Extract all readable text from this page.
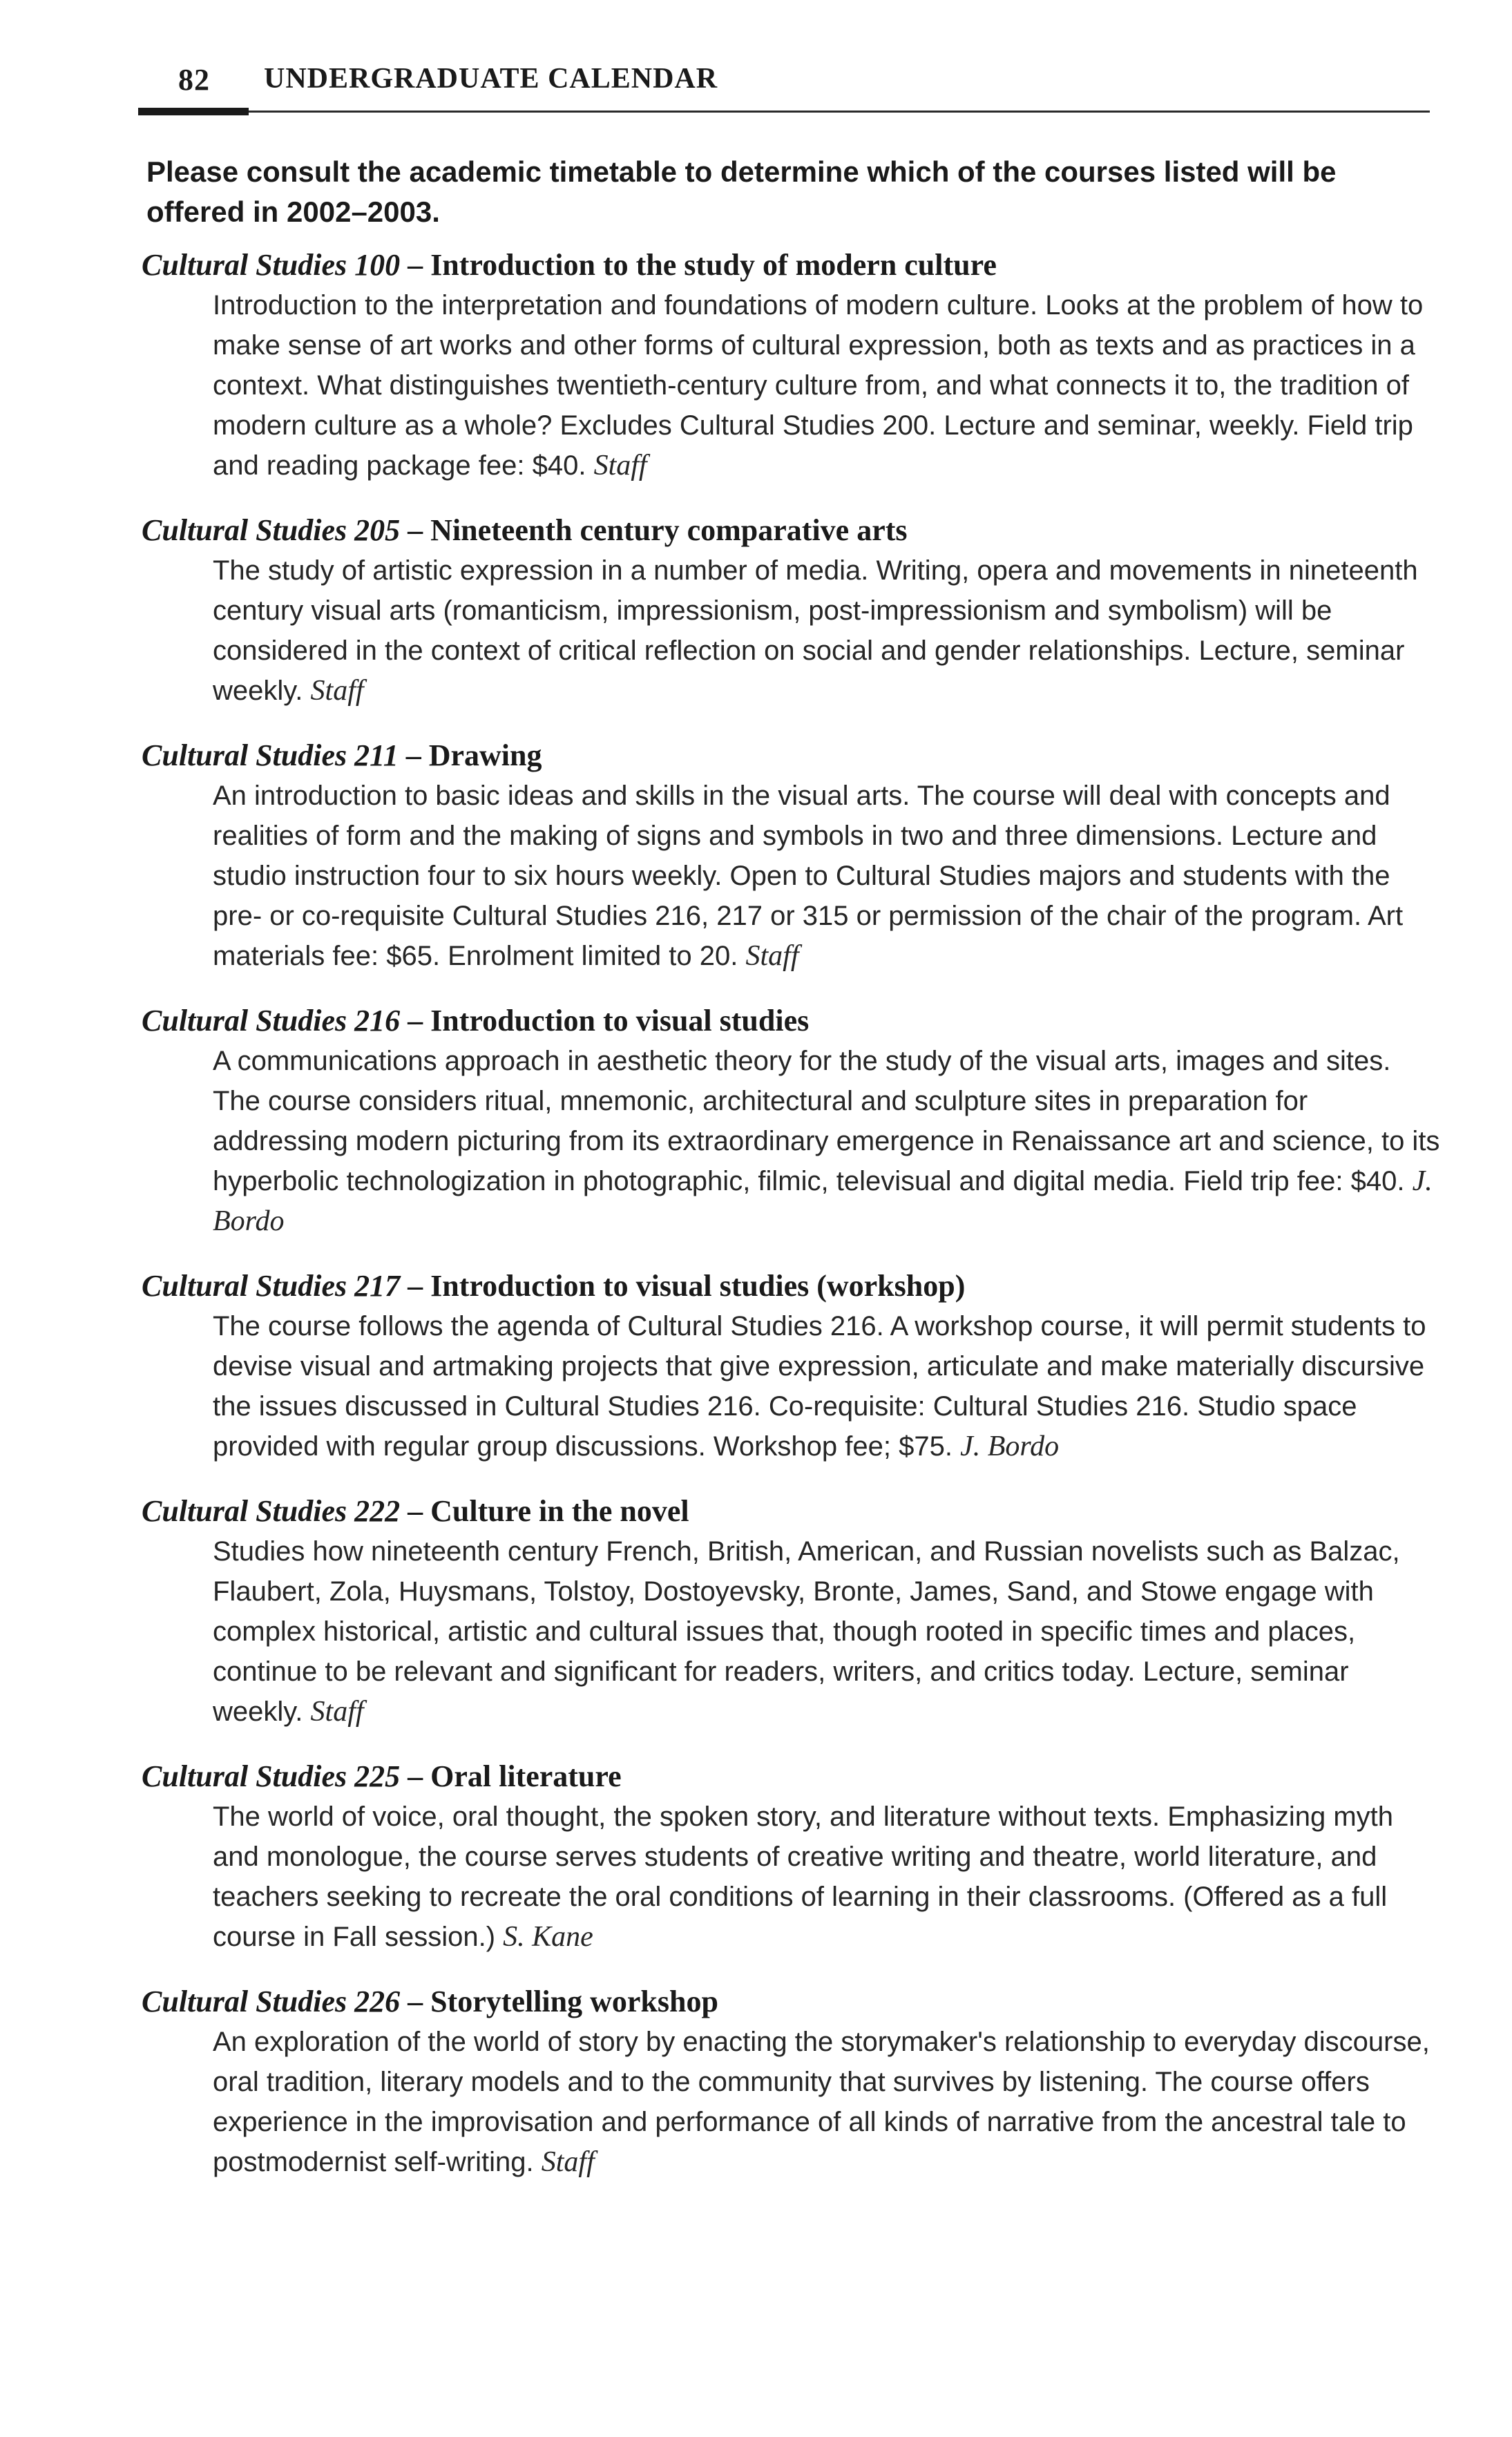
82 UNDERGRADUATE CALENDAR
Please consult the academic timetable to determine which of the courses listed will be offered in 2002–2003.
Cultural Studies 100 – Introduction to the study of modern culture
Introduction to the interpretation and foundations of modern culture. Looks at the problem of how to make sense of art works and other forms of cultural expression, both as texts and as practices in a context. What distinguishes twentieth-century culture from, and what connects it to, the tradition of modern culture as a whole? Excludes Cultural Studies 200. Lecture and seminar, weekly. Field trip and reading package fee: $40. Staff
Cultural Studies 205 – Nineteenth century comparative arts
The study of artistic expression in a number of media. Writing, opera and movements in nineteenth century visual arts (romanticism, impressionism, post-impressionism and symbolism) will be considered in the context of critical reflection on social and gender relationships. Lecture, seminar weekly. Staff
Cultural Studies 211 – Drawing
An introduction to basic ideas and skills in the visual arts. The course will deal with concepts and realities of form and the making of signs and symbols in two and three dimensions. Lecture and studio instruction four to six hours weekly. Open to Cultural Studies majors and students with the pre- or co-requisite Cultural Studies 216, 217 or 315 or permission of the chair of the program. Art materials fee: $65. Enrolment limited to 20. Staff
Cultural Studies 216 – Introduction to visual studies
A communications approach in aesthetic theory for the study of the visual arts, images and sites. The course considers ritual, mnemonic, architectural and sculpture sites in preparation for addressing modern picturing from its extraordinary emergence in Renaissance art and science, to its hyperbolic technologization in photographic, filmic, televisual and digital media. Field trip fee: $40. J. Bordo
Cultural Studies 217 – Introduction to visual studies (workshop)
The course follows the agenda of Cultural Studies 216. A workshop course, it will permit students to devise visual and artmaking projects that give expression, articulate and make materially discursive the issues discussed in Cultural Studies 216. Co-requisite: Cultural Studies 216. Studio space provided with regular group discussions. Workshop fee; $75. J. Bordo
Cultural Studies 222 – Culture in the novel
Studies how nineteenth century French, British, American, and Russian novelists such as Balzac, Flaubert, Zola, Huysmans, Tolstoy, Dostoyevsky, Bronte, James, Sand, and Stowe engage with complex historical, artistic and cultural issues that, though rooted in specific times and places, continue to be relevant and significant for readers, writers, and critics today. Lecture, seminar weekly. Staff
Cultural Studies 225 – Oral literature
The world of voice, oral thought, the spoken story, and literature without texts. Emphasizing myth and monologue, the course serves students of creative writing and theatre, world literature, and teachers seeking to recreate the oral conditions of learning in their classrooms. (Offered as a full course in Fall session.) S. Kane
Cultural Studies 226 – Storytelling workshop
An exploration of the world of story by enacting the storymaker's relationship to everyday discourse, oral tradition, literary models and to the community that survives by listening. The course offers experience in the improvisation and performance of all kinds of narrative from the ancestral tale to postmodernist self-writing. Staff
